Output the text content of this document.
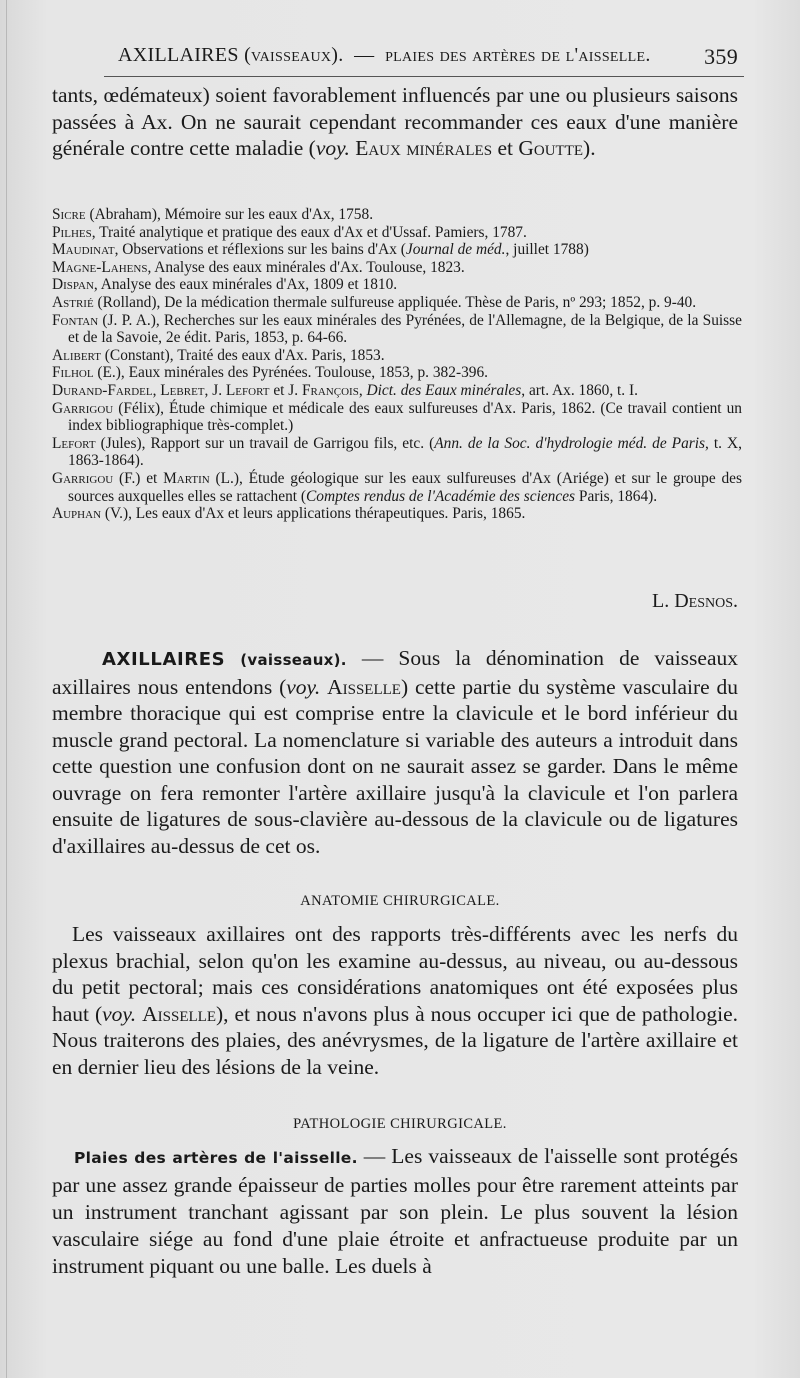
AXILLAIRES (vaisseaux). — plaies des artères de l'aisselle. 359
tants, œdémateux) soient favorablement influencés par une ou plusieurs saisons passées à Ax. On ne saurait cependant recommander ces eaux d'une manière générale contre cette maladie (voy. Eaux minérales et Goutte).

Sicre (Abraham), Mémoire sur les eaux d'Ax, 1758.

Pilhes, Traité analytique et pratique des eaux d'Ax et d'Ussaf. Pamiers, 1787.

Maudinat, Observations et réflexions sur les bains d'Ax (Journal de méd., juillet 1788)

Magne-Lahens, Analyse des eaux minérales d'Ax. Toulouse, 1823.

Dispan, Analyse des eaux minérales d'Ax, 1809 et 1810.

Astrié (Rolland), De la médication thermale sulfureuse appliquée. Thèse de Paris, nº 293; 1852, p. 9-40.

Fontan (J. P. A.), Recherches sur les eaux minérales des Pyrénées, de l'Allemagne, de la Belgique, de la Suisse et de la Savoie, 2e édit. Paris, 1853, p. 64-66.

Alibert (Constant), Traité des eaux d'Ax. Paris, 1853.

Filhol (E.), Eaux minérales des Pyrénées. Toulouse, 1853, p. 382-396.

Durand-Fardel, Lebret, J. Lefort et J. François, Dict. des Eaux minérales, art. Ax. 1860, t. I.

Garrigou (Félix), Étude chimique et médicale des eaux sulfureuses d'Ax. Paris, 1862. (Ce travail contient un index bibliographique très-complet.)

Lefort (Jules), Rapport sur un travail de Garrigou fils, etc. (Ann. de la Soc. d'hydrologie méd. de Paris, t. X, 1863-1864).

Garrigou (F.) et Martin (L.), Étude géologique sur les eaux sulfureuses d'Ax (Ariége) et sur le groupe des sources auxquelles elles se rattachent (Comptes rendus de l'Académie des sciences Paris, 1864).

Auphan (V.), Les eaux d'Ax et leurs applications thérapeutiques. Paris, 1865.

L. Desnos.

AXILLAIRES (vaisseaux). — Sous la dénomination de vaisseaux axillaires nous entendons (voy. Aisselle) cette partie du système vasculaire du membre thoracique qui est comprise entre la clavicule et le bord inférieur du muscle grand pectoral. La nomenclature si variable des auteurs a introduit dans cette question une confusion dont on ne saurait assez se garder. Dans le même ouvrage on fera remonter l'artère axillaire jusqu'à la clavicule et l'on parlera ensuite de ligatures de sous-clavière au-dessous de la clavicule ou de ligatures d'axillaires au-dessus de cet os.

ANATOMIE CHIRURGICALE.

Les vaisseaux axillaires ont des rapports très-différents avec les nerfs du plexus brachial, selon qu'on les examine au-dessus, au niveau, ou au-dessous du petit pectoral; mais ces considérations anatomiques ont été exposées plus haut (voy. Aisselle), et nous n'avons plus à nous occuper ici que de pathologie. Nous traiterons des plaies, des anévrysmes, de la ligature de l'artère axillaire et en dernier lieu des lésions de la veine.

PATHOLOGIE CHIRURGICALE.

Plaies des artères de l'aisselle. — Les vaisseaux de l'aisselle sont protégés par une assez grande épaisseur de parties molles pour être rarement atteints par un instrument tranchant agissant par son plein. Le plus souvent la lésion vasculaire siége au fond d'une plaie étroite et anfractueuse produite par un instrument piquant ou une balle. Les duels à
